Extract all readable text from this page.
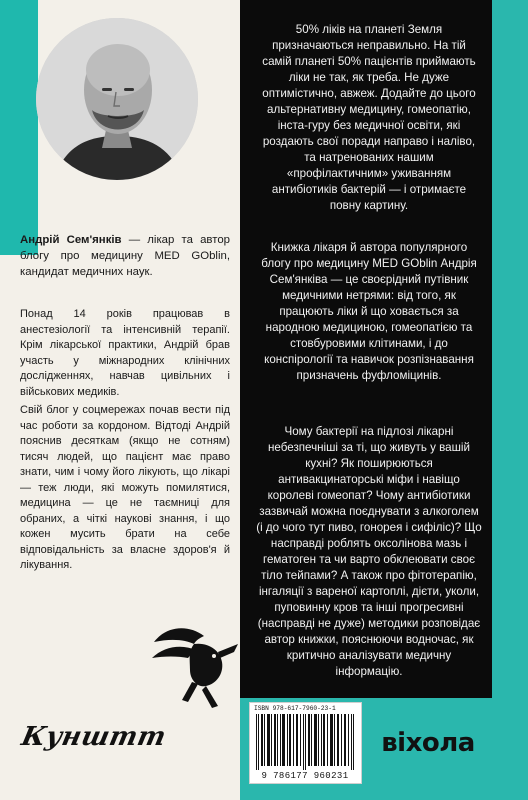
Андрій Сем'янків — лікар та автор блогу про медицину MED GOblin, кандидат медичних наук.

Понад 14 років працював в анестезіології та інтенсивній терапії. Крім лікарської практики, Андрій брав участь у міжнародних клінічних дослідженнях, навчав цивільних і військових медиків.

Свій блог у соцмережах почав вести під час роботи за кордоном. Відтоді Андрій пояснив десяткам (якщо не сотням) тисяч людей, що пацієнт має право знати, чим і чому його лікують, що лікарі — теж люди, які можуть помилятися, медицина — це не таємниці для обраних, а чіткі наукові знання, і що кожен мусить брати на себе відповідальність за власне здоров'я й лікування.

50% ліків на планеті Земля призначаються неправильно. На тій самій планеті 50% пацієнтів приймають ліки не так, як треба. Не дуже оптимістично, авжеж. Додайте до цього альтернативну медицину, гомеопатію, інста-гуру без медичної освіти, які роздають свої поради направо і наліво, та натренованих нашим «профілактичним» уживанням антибіотиків бактерій — і отримаєте повну картину.

Книжка лікаря й автора популярного блогу про медицину MED GOblin Андрія Сем'янківа — це своєрідний путівник медичними нетрями: від того, як працюють ліки й що ховається за народною медициною, гомеопатією та стовбуровими клітинами, і до конспірології та навичок розпізнавання призначень фуфломіцинів.

Чому бактерії на підлозі лікарні небезпечніші за ті, що живуть у вашій кухні? Як поширюються антивакцинаторські міфи і навіщо королеві гомеопат? Чому антибіотики зазвичай можна поєднувати з алкоголем (і до чого тут пиво, гонорея і сифіліс)? Що насправді роблять оксолінова мазь і гематоген та чи варто обклеювати своє тіло тейпами? А також про фітотерапію, інгаляції з вареної картоплі, дієти, уколи, пуповинну кров та інші прогресивні (насправді не дуже) методики розповідає автор книжки, пояснюючи водночас, як критично аналізувати медичну інформацію.

Кунштт
ISBN 978-617-7960-23-1
9 786177 960231
віхола
